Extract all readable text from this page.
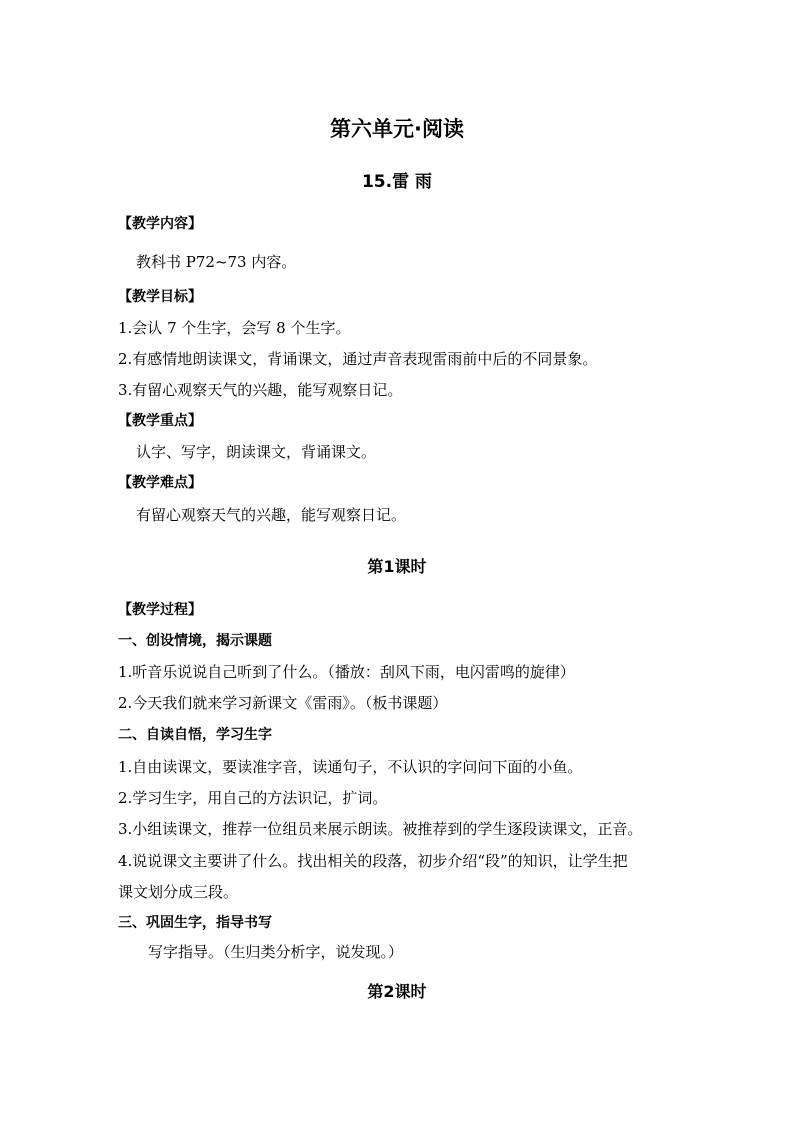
第六单元·阅读
15.雷 雨
【教学内容】
教科书 P72~73 内容。
【教学目标】
1.会认 7 个生字，会写 8 个生字。
2.有感情地朗读课文，背诵课文，通过声音表现雷雨前中后的不同景象。
3.有留心观察天气的兴趣，能写观察日记。
【教学重点】
认字、写字，朗读课文，背诵课文。
【教学难点】
有留心观察天气的兴趣，能写观察日记。
第1课时
【教学过程】
一、创设情境，揭示课题
1.听音乐说说自己听到了什么。（播放：刮风下雨，电闪雷鸣的旋律）
2.今天我们就来学习新课文《雷雨》。（板书课题）
二、自读自悟，学习生字
1.自由读课文，要读准字音，读通句子，不认识的字问问下面的小鱼。
2.学习生字，用自己的方法识记，扩词。
3.小组读课文，推荐一位组员来展示朗读。被推荐到的学生逐段读课文，正音。
4.说说课文主要讲了什么。找出相关的段落，初步介绍“段”的知识，让学生把
课文划分成三段。
三、巩固生字，指导书写
写字指导。（生归类分析字，说发现。）
第2课时
